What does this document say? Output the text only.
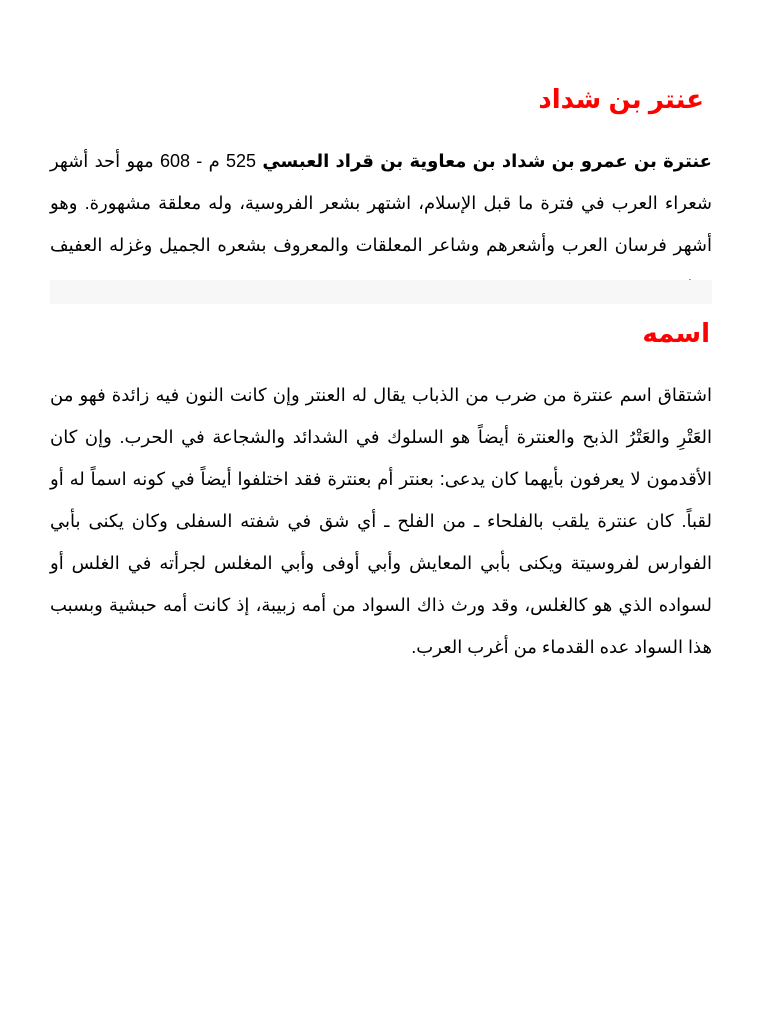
عنتر بن شداد

عنترة بن عمرو بن شداد بن معاوية بن قراد العبسي 525 م - 608 مهو أحد أشهر شعراء العرب في فترة ما قبل الإسلام، اشتهر بشعر الفروسية، وله معلقة مشهورة. وهو أشهر فرسان العرب وأشعرهم وشاعر المعلقات والمعروف بشعره الجميل وغزله العفيف

اسمه

اشتقاق اسم عنترة من ضرب من الذباب يقال له العنتر وإن كانت النون فيه زائدة فهو من العَتْرِ والعَتْرُ الذبح والعنترة أيضاً هو السلوك في الشدائد والشجاعة في الحرب. وإن كان الأقدمون لا يعرفون بأيهما كان يدعى: بعنتر أم بعنترة فقد اختلفوا أيضاً في كونه اسماً له أو لقباً. كان عنترة يلقب بالفلحاء ـ من الفلح ـ أي شق في شفته السفلى وكان يكنى بأبي الفوارس لفروسيتة ويكنى بأبي المعايش وأبي أوفى وأبي المغلس لجرأته في الغلس أو لسواده الذي هو كالغلس، وقد ورث ذاك السواد من أمه زبيبة، إذ كانت أمه حبشية وبسبب هذا السواد عده القدماء من أغرب العرب.
